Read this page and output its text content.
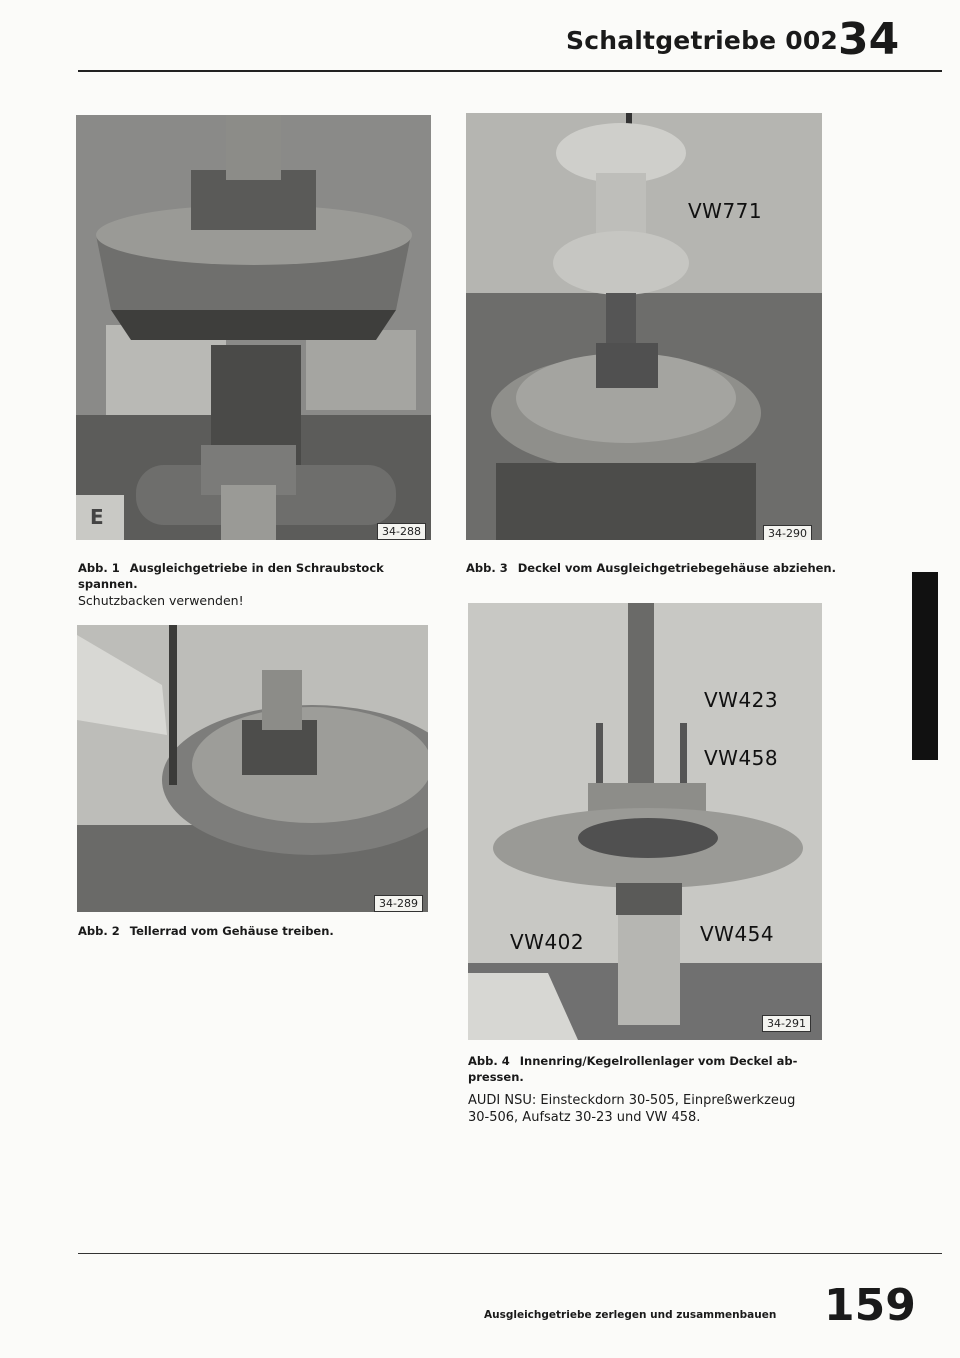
Schaltgetriebe 002 34
E
34-288
Abb. 1 Ausgleichgetriebe in den Schraubstock
spannen.
Schutzbacken verwenden!
34-289
Abb. 2 Tellerrad vom Gehäuse treiben.
VW771
34-290
Abb. 3 Deckel vom Ausgleichgetriebegehäuse abziehen.
VW423
VW458
VW402	VW454
34-291
Abb. 4 Innenring/Kegelrollenlager vom Deckel ab-
pressen.
AUDI NSU: Einsteckdorn 30-505, Einpreßwerkzeug
30-506, Aufsatz 30-23 und VW 458.
Ausgleichgetriebe zerlegen und zusammenbauen 159
